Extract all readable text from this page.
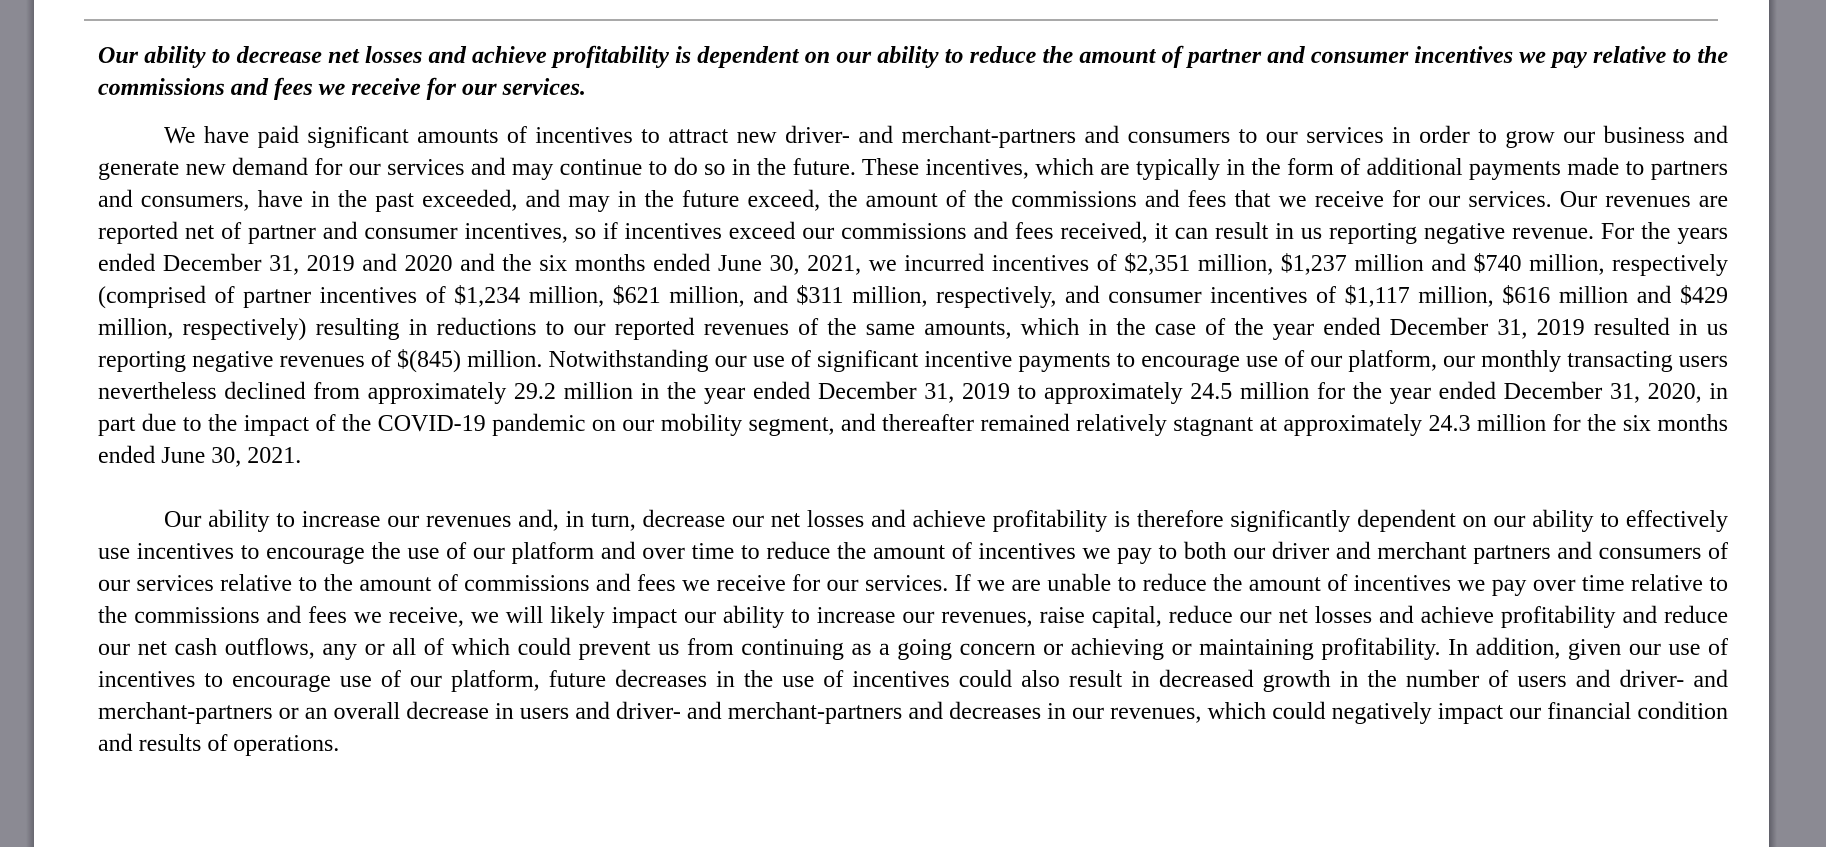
Our ability to decrease net losses and achieve profitability is dependent on our ability to reduce the amount of partner and consumer incentives we pay relative to the commissions and fees we receive for our services.

We have paid significant amounts of incentives to attract new driver- and merchant-partners and consumers to our services in order to grow our business and generate new demand for our services and may continue to do so in the future. These incentives, which are typically in the form of additional payments made to partners and consumers, have in the past exceeded, and may in the future exceed, the amount of the commissions and fees that we receive for our services. Our revenues are reported net of partner and consumer incentives, so if incentives exceed our commissions and fees received, it can result in us reporting negative revenue. For the years ended December 31, 2019 and 2020 and the six months ended June 30, 2021, we incurred incentives of $2,351 million, $1,237 million and $740 million, respectively (comprised of partner incentives of $1,234 million, $621 million, and $311 million, respectively, and consumer incentives of $1,117 million, $616 million and $429 million, respectively) resulting in reductions to our reported revenues of the same amounts, which in the case of the year ended December 31, 2019 resulted in us reporting negative revenues of $(845) million. Notwithstanding our use of significant incentive payments to encourage use of our platform, our monthly transacting users nevertheless declined from approximately 29.2 million in the year ended December 31, 2019 to approximately 24.5 million for the year ended December 31, 2020, in part due to the impact of the COVID-19 pandemic on our mobility segment, and thereafter remained relatively stagnant at approximately 24.3 million for the six months ended June 30, 2021.

Our ability to increase our revenues and, in turn, decrease our net losses and achieve profitability is therefore significantly dependent on our ability to effectively use incentives to encourage the use of our platform and over time to reduce the amount of incentives we pay to both our driver and merchant partners and consumers of our services relative to the amount of commissions and fees we receive for our services. If we are unable to reduce the amount of incentives we pay over time relative to the commissions and fees we receive, we will likely impact our ability to increase our revenues, raise capital, reduce our net losses and achieve profitability and reduce our net cash outflows, any or all of which could prevent us from continuing as a going concern or achieving or maintaining profitability. In addition, given our use of incentives to encourage use of our platform, future decreases in the use of incentives could also result in decreased growth in the number of users and driver- and merchant-partners or an overall decrease in users and driver- and merchant-partners and decreases in our revenues, which could negatively impact our financial condition and results of operations.
